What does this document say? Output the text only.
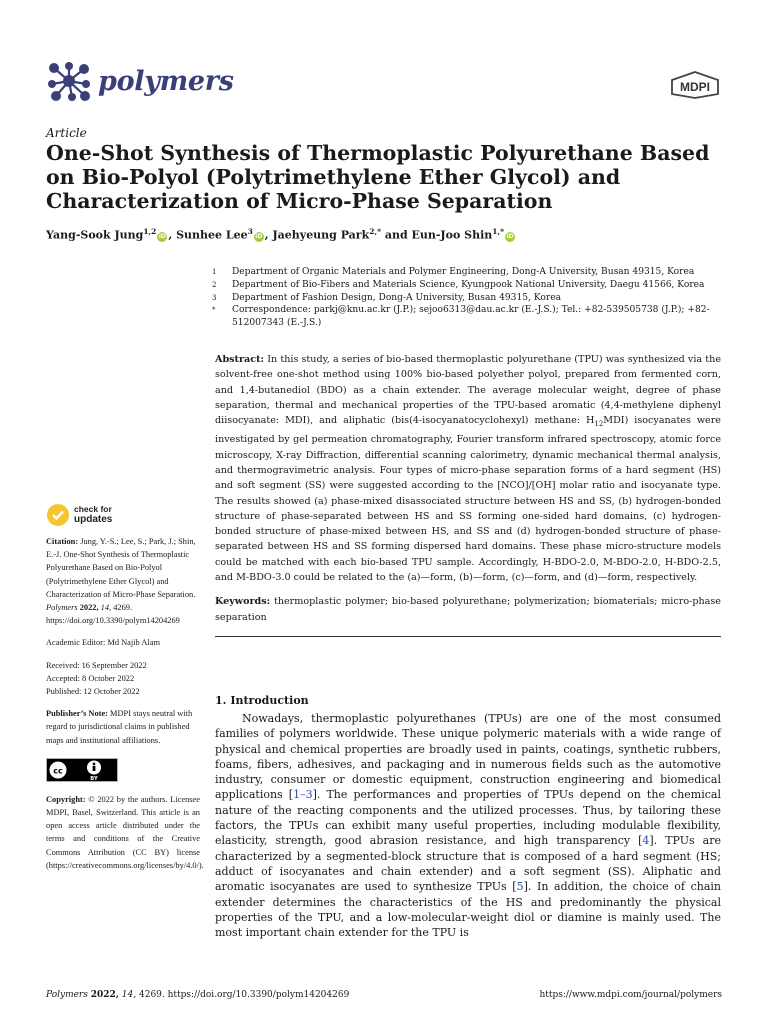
polymers	MDPI
Article
One-Shot Synthesis of Thermoplastic Polyurethane Based on Bio-Polyol (Polytrimethylene Ether Glycol) and Characterization of Micro-Phase Separation
Yang-Sook Jung$^{1,2}$iD , Sunhee Lee$^3$iD , Jaehyeung Park$^{2,*}$ and Eun-Joo Shin$^{1,*}$iD
1	Department of Organic Materials and Polymer Engineering, Dong-A University, Busan 49315, Korea
2	Department of Bio-Fibers and Materials Science, Kyungpook National University, Daegu 41566, Korea
3	Department of Fashion Design, Dong-A University, Busan 49315, Korea
*	Correspondence: parkj@knu.ac.kr (J.P.); sejoo6313@dau.ac.kr (E.-J.S.); Tel.: +82-539505738 (J.P.); +82-512007343 (E.-J.S.)

Abstract: In this study, a series of bio-based thermoplastic polyurethane (TPU) was synthesized via the solvent-free one-shot method using 100% bio-based polyether polyol, prepared from fermented corn, and 1,4-butanediol (BDO) as a chain extender. The average molecular weight, degree of phase separation, thermal and mechanical properties of the TPU-based aromatic (4,4-methylene diphenyl diisocyanate: MDI), and aliphatic (bis(4-isocyanatocyclohexyl) methane: $H_{12}MDI$) isocyanates were investigated by gel permeation chromatography, Fourier transform infrared spectroscopy, atomic force microscopy, X-ray Diffraction, differential scanning calorimetry, dynamic mechanical thermal analysis, and thermogravimetric analysis. Four types of micro-phase separation forms of a hard segment (HS) and soft segment (SS) were suggested according to the [NCO]/[OH] molar ratio and isocyanate type. The results showed (a) phase-mixed disassociated structure between HS and SS, (b) hydrogen-bonded structure of phase-separated between HS and SS forming one-sided hard domains, (c) hydrogen-bonded structure of phase-mixed between HS, and SS and (d) hydrogen-bonded structure of phase-separated between HS and SS forming dispersed hard domains. These phase micro-structure models could be matched with each bio-based TPU sample. Accordingly, H-BDO-2.0, M-BDO-2.0, H-BDO-2.5, and M-BDO-3.0 could be related to the (a)—form, (b)—form, (c)—form, and (d)—form, respectively.

Keywords: thermoplastic polymer; bio-based polyurethane; polymerization; biomaterials; micro-phase separation

1. Introduction

Nowadays, thermoplastic polyurethanes (TPUs) are one of the most consumed families of polymers worldwide. These unique polymeric materials with a wide range of physical and chemical properties are broadly used in paints, coatings, synthetic rubbers, foams, fibers, adhesives, and packaging and in numerous fields such as the automotive industry, consumer or domestic equipment, construction engineering and biomedical applications [1–3]. The performances and properties of TPUs depend on the chemical nature of the reacting components and the utilized processes. Thus, by tailoring these factors, the TPUs can exhibit many useful properties, including modulable flexibility, elasticity, strength, good abrasion resistance, and high transparency [4]. TPUs are characterized by a segmented-block structure that is composed of a hard segment (HS; adduct of isocyanates and chain extender) and a soft segment (SS). Aliphatic and aromatic isocyanates are used to synthesize TPUs [5]. In addition, the choice of chain extender determines the characteristics of the HS and predominantly the physical properties of the TPU, and a low-molecular-weight diol or diamine is mainly used. The most important chain extender for the TPU is

check for
updates

Citation: Jung, Y.-S.; Lee, S.; Park, J.; Shin, E.-J. One-Shot Synthesis of Thermoplastic Polyurethane Based on Bio-Polyol (Polytrimethylene Ether Glycol) and Characterization of Micro-Phase Separation. Polymers 2022, 14, 4269. https://doi.org/10.3390/polym14204269

Academic Editor: Md Najib Alam

Received: 16 September 2022
Accepted: 8 October 2022
Published: 12 October 2022

Publisher’s Note: MDPI stays neutral with regard to jurisdictional claims in published maps and institutional affiliations.

cc
BY

Copyright: © 2022 by the authors. Licensee MDPI, Basel, Switzerland. This article is an open access article distributed under the terms and conditions of the Creative Commons Attribution (CC BY) license (https://creativecommons.org/licenses/by/4.0/).

Polymers 2022, 14, 4269. https://doi.org/10.3390/polym14204269	https://www.mdpi.com/journal/polymers
